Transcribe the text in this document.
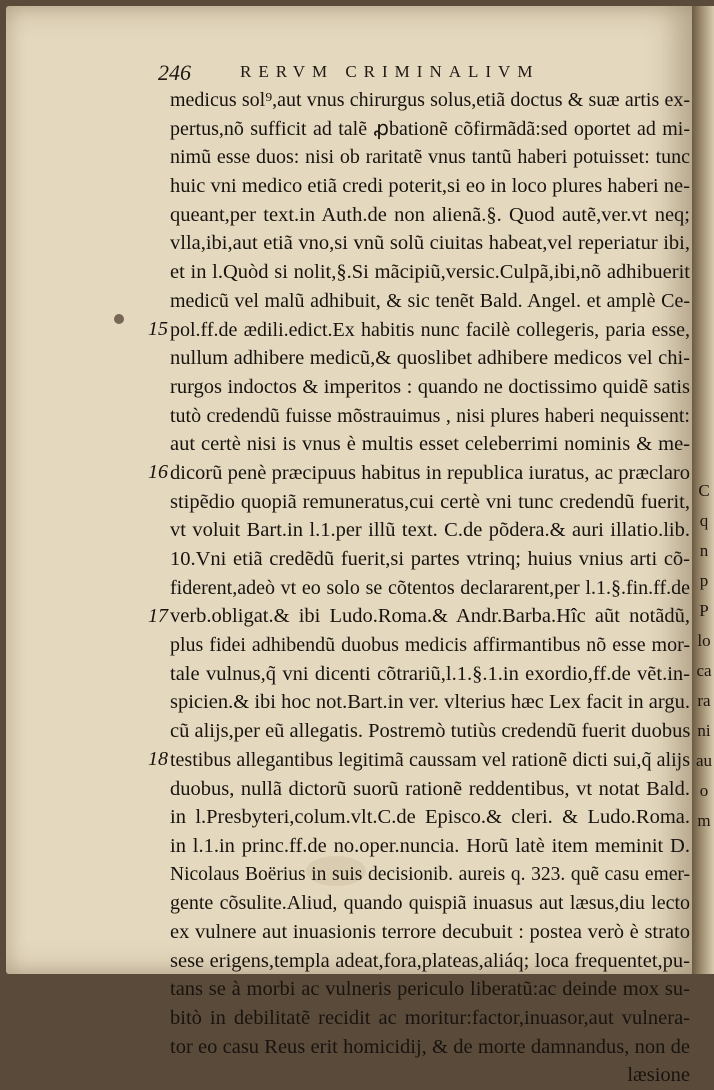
246	RERVM CRIMINALIVM
medicus sol⁹,aut vnus chirurgus solus,etiã doctus & suæ artis ex-
pertus,nõ sufficit ad talẽ ꝓbationẽ cõfirmãdã:sed oportet ad mi-
nimũ esse duos: nisi ob raritatẽ vnus tantũ haberi potuisset: tunc
huic vni medico etiã credi poterit,si eo in loco plures haberi ne-
queant,per text.in Auth.de non alienã.§. Quod autẽ,ver.vt neq;
vlla,ibi,aut etiã vno,si vnũ solũ ciuitas habeat,vel reperiatur ibi,
et in l.Quòd si nolit,§.Si mãcipiũ,versic.Culpã,ibi,nõ adhibuerit
medicũ vel malũ adhibuit, & sic tenẽt Bald. Angel. et amplè Ce-
pol.ff.de ædili.edict.Ex habitis nunc facilè collegeris, paria esse,
nullum adhibere medicũ,& quoslibet adhibere medicos vel chi-
rurgos indoctos & imperitos : quando ne doctissimo quidẽ satis
tutò credendũ fuisse mõstrauimus , nisi plures haberi nequissent:
aut certè nisi is vnus è multis esset celeberrimi nominis & me-
dicorũ penè præcipuus habitus in republica iuratus, ac præclaro
stipẽdio quopiã remuneratus,cui certè vni tunc credendũ fuerit,
vt voluit Bart.in l.1.per illũ text. C.de põdera.& auri illatio.lib.
10.Vni etiã credẽdũ fuerit,si partes vtrinq; huius vnius arti cõ-
fiderent,adeò vt eo solo se cõtentos declararent,per l.1.§.fin.ff.de
verb.obligat.& ibi Ludo.Roma.& Andr.Barba.Hîc aũt notãdũ,
plus fidei adhibendũ duobus medicis affirmantibus nõ esse mor-
tale vulnus,q̃ vni dicenti cõtrariũ,l.1.§.1.in exordio,ff.de vẽt.in-
spicien.& ibi hoc not.Bart.in ver. vlterius hæc Lex facit in argu.
cũ alijs,per eũ allegatis. Postremò tutiùs credendũ fuerit duobus
testibus allegantibus legitimã caussam vel rationẽ dicti sui,q̃ alijs
duobus, nullã dictorũ suorũ rationẽ reddentibus, vt notat Bald.
in l.Presbyteri,colum.vlt.C.de Episco.& cleri. & Ludo.Roma.
in l.1.in princ.ff.de no.oper.nuncia. Horũ latè item meminit D.
Nicolaus Boërius in suis decisionib. aureis q. 323. quẽ casu emer-
gente cõsulite.Aliud, quando quispiã inuasus aut læsus,diu lecto
ex vulnere aut inuasionis terrore decubuit : postea verò è strato
sese erigens,templa adeat,fora,plateas,aliáq; loca frequentet,pu-
tans se à morbi ac vulneris periculo liberatũ:ac deinde mox su-
bitò in debilitatẽ recidit ac moritur:factor,inuasor,aut vulnera-
tor eo casu Reus erit homicidij, & de morte damnandus, non de
læsione
15
16
17
18
C
q
n
p
P
lo
ca
ra
ni
au
o
m
